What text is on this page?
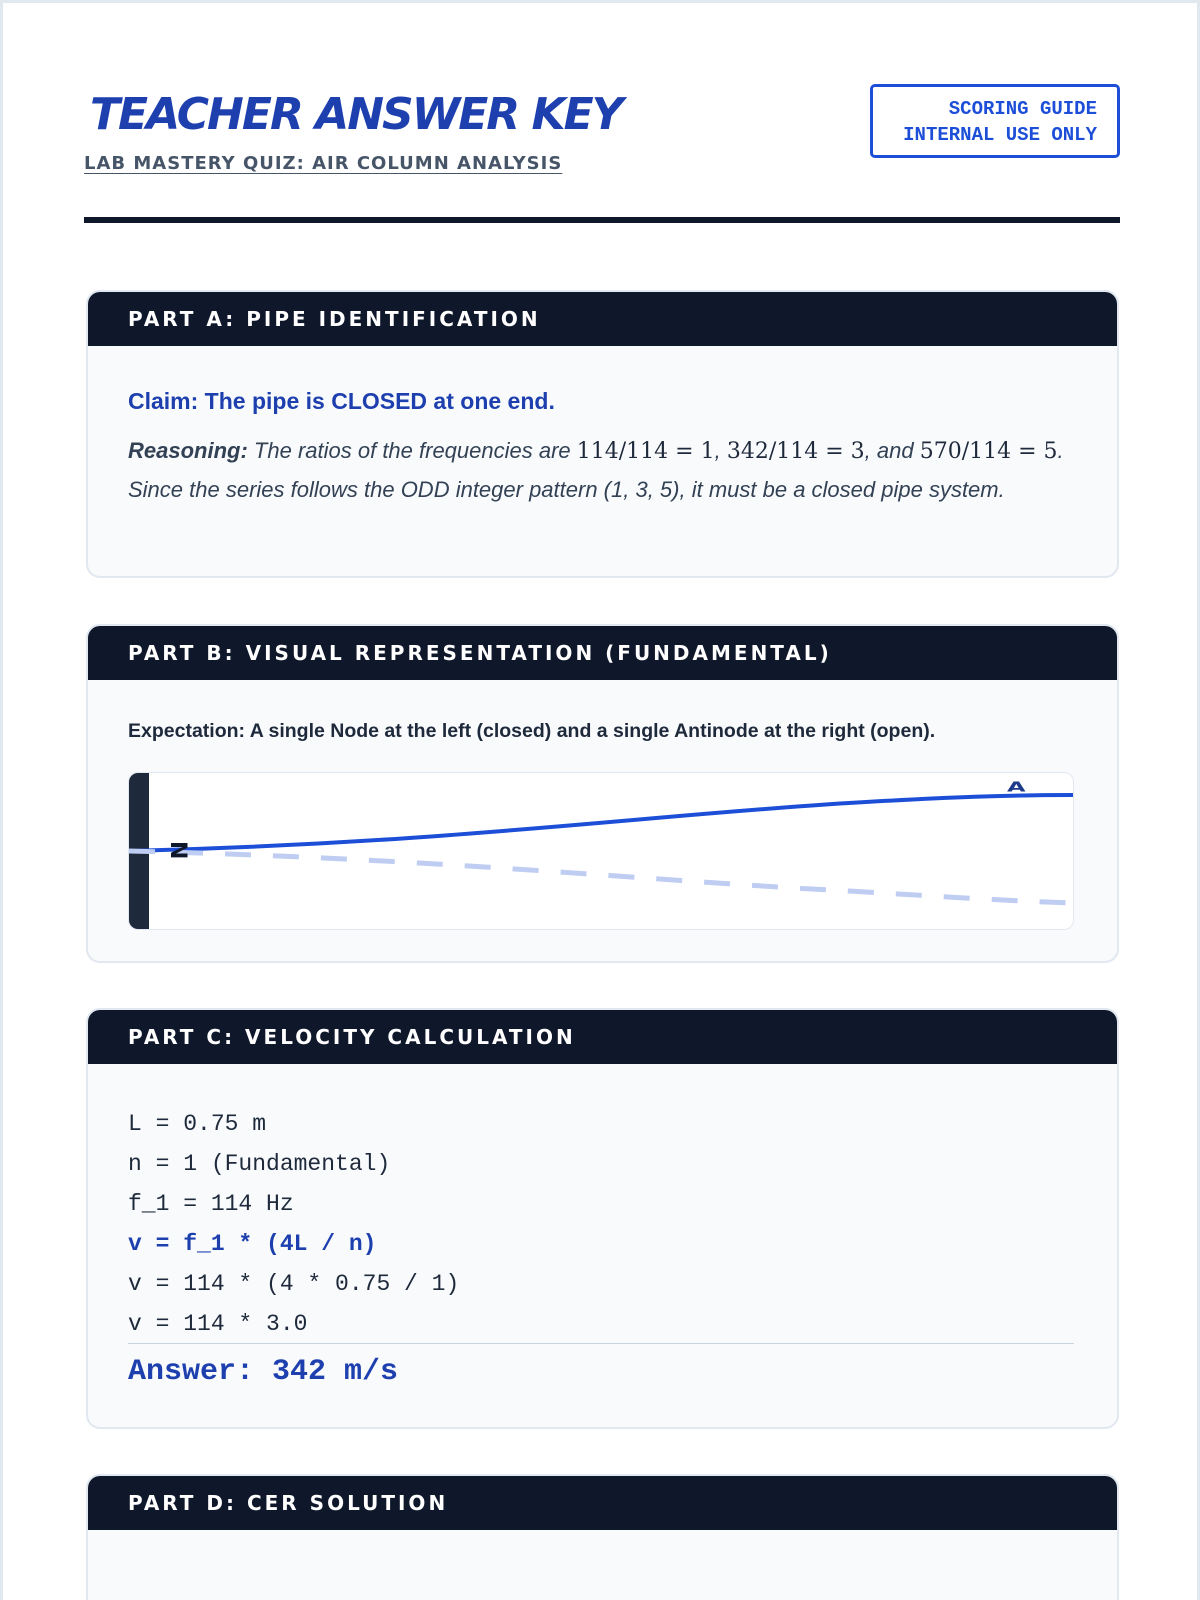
TEACHER ANSWER KEY
LAB MASTERY QUIZ: AIR COLUMN ANALYSIS
SCORING GUIDE
INTERNAL USE ONLY
PART A: PIPE IDENTIFICATION
Claim: The pipe is CLOSED at one end.
Reasoning: The ratios of the frequencies are 114/114 = 1, 342/114 = 3, and 570/114 = 5. Since the series follows the ODD integer pattern (1, 3, 5), it must be a closed pipe system.
PART B: VISUAL REPRESENTATION (FUNDAMENTAL)
Expectation: A single Node at the left (closed) and a single Antinode at the right (open).
N
A
PART C: VELOCITY CALCULATION
L = 0.75 m
n = 1 (Fundamental)
f_1 = 114 Hz
v = f_1 * (4L / n)
v = 114 * (4 * 0.75 / 1)
v = 114 * 3.0
Answer: 342 m/s
PART D: CER SOLUTION
